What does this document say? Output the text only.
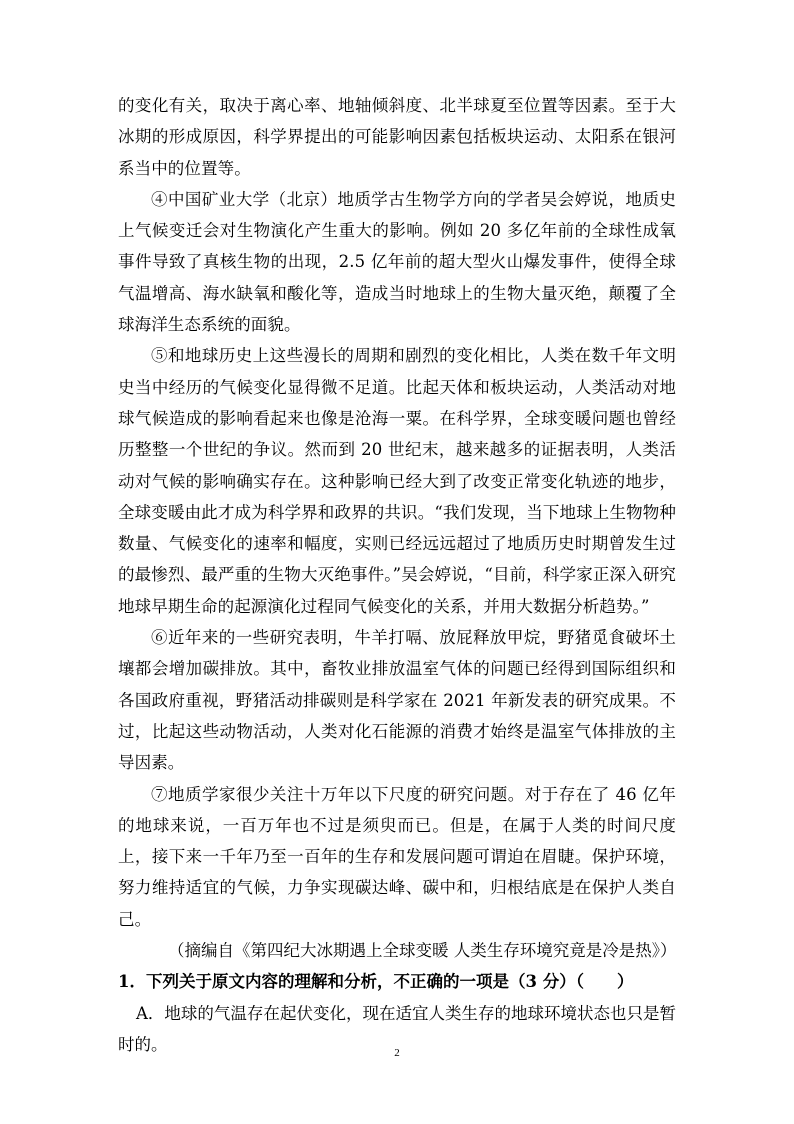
的变化有关，取决于离心率、地轴倾斜度、北半球夏至位置等因素。至于大冰期的形成原因，科学界提出的可能影响因素包括板块运动、太阳系在银河系当中的位置等。

④中国矿业大学（北京）地质学古生物学方向的学者吴会婷说，地质史上气候变迁会对生物演化产生重大的影响。例如 20 多亿年前的全球性成氧事件导致了真核生物的出现，2.5 亿年前的超大型火山爆发事件，使得全球气温增高、海水缺氧和酸化等，造成当时地球上的生物大量灭绝，颠覆了全球海洋生态系统的面貌。

⑤和地球历史上这些漫长的周期和剧烈的变化相比，人类在数千年文明史当中经历的气候变化显得微不足道。比起天体和板块运动，人类活动对地球气候造成的影响看起来也像是沧海一粟。在科学界，全球变暖问题也曾经历整整一个世纪的争议。然而到 20 世纪末，越来越多的证据表明，人类活动对气候的影响确实存在。这种影响已经大到了改变正常变化轨迹的地步，全球变暖由此才成为科学界和政界的共识。“我们发现，当下地球上生物物种数量、气候变化的速率和幅度，实则已经远远超过了地质历史时期曾发生过的最惨烈、最严重的生物大灭绝事件。”吴会婷说，“目前，科学家正深入研究地球早期生命的起源演化过程同气候变化的关系，并用大数据分析趋势。”

⑥近年来的一些研究表明，牛羊打嗝、放屁释放甲烷，野猪觅食破坏土壤都会增加碳排放。其中，畜牧业排放温室气体的问题已经得到国际组织和各国政府重视，野猪活动排碳则是科学家在 2021 年新发表的研究成果。不过，比起这些动物活动，人类对化石能源的消费才始终是温室气体排放的主导因素。

⑦地质学家很少关注十万年以下尺度的研究问题。对于存在了 46 亿年的地球来说，一百万年也不过是须臾而已。但是，在属于人类的时间尺度上，接下来一千年乃至一百年的生存和发展问题可谓迫在眉睫。保护环境，努力维持适宜的气候，力争实现碳达峰、碳中和，归根结底是在保护人类自己。

（摘编自《第四纪大冰期遇上全球变暖 人类生存环境究竟是冷是热》）

1．下列关于原文内容的理解和分析，不正确的一项是（3 分）（　　）

A．地球的气温存在起伏变化，现在适宜人类生存的地球环境状态也只是暂时的。	2
